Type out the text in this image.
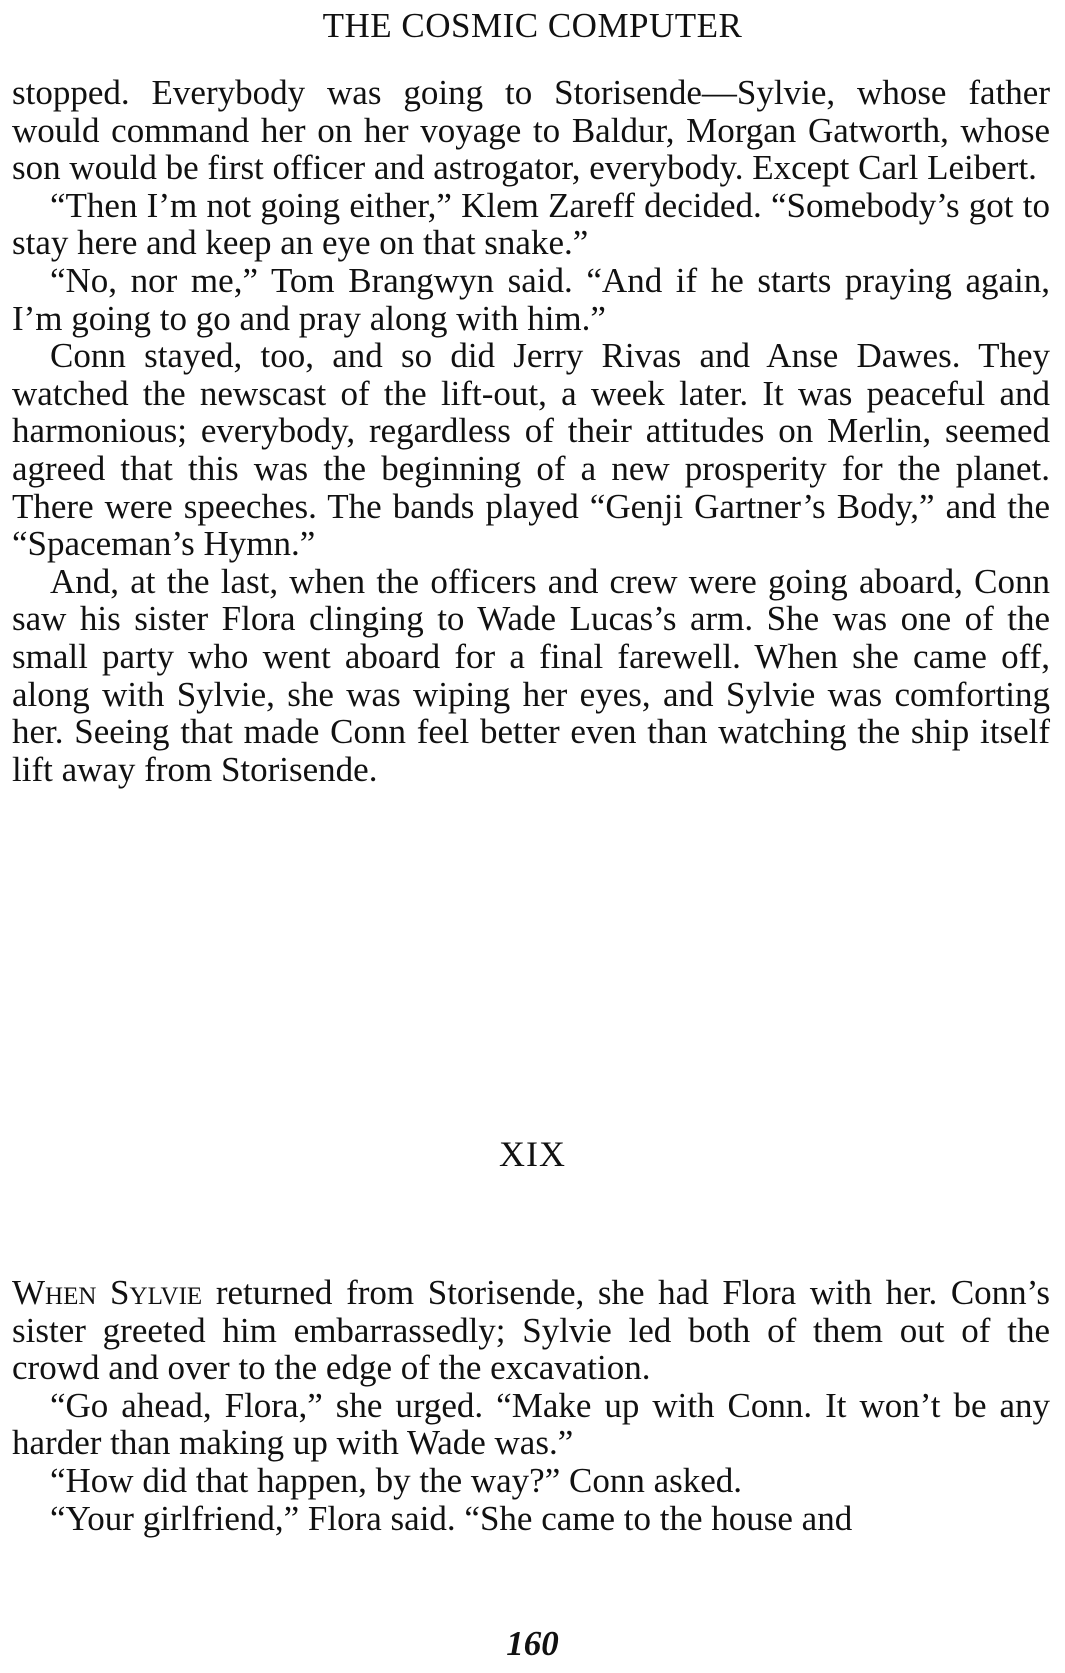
THE COSMIC COMPUTER

stopped. Everybody was going to Storisende—Sylvie, whose father would command her on her voyage to Baldur, Morgan Gatworth, whose son would be first officer and astrogator, everybody. Except Carl Leibert.

“Then I’m not going either,” Klem Zareff decided. “Somebody’s got to stay here and keep an eye on that snake.”

“No, nor me,” Tom Brangwyn said. “And if he starts praying again, I’m going to go and pray along with him.”

Conn stayed, too, and so did Jerry Rivas and Anse Dawes. They watched the newscast of the lift-out, a week later. It was peaceful and harmonious; everybody, regardless of their attitudes on Merlin, seemed agreed that this was the beginning of a new prosperity for the planet. There were speeches. The bands played “Genji Gartner’s Body,” and the “Spaceman’s Hymn.”

And, at the last, when the officers and crew were going aboard, Conn saw his sister Flora clinging to Wade Lucas’s arm. She was one of the small party who went aboard for a final farewell. When she came off, along with Sylvie, she was wiping her eyes, and Sylvie was comforting her. Seeing that made Conn feel better even than watching the ship itself lift away from Storisende.

XIX

When Sylvie returned from Storisende, she had Flora with her. Conn’s sister greeted him embarrassedly; Sylvie led both of them out of the crowd and over to the edge of the excavation.

“Go ahead, Flora,” she urged. “Make up with Conn. It won’t be any harder than making up with Wade was.”

“How did that happen, by the way?” Conn asked.

“Your girlfriend,” Flora said. “She came to the house and

160
